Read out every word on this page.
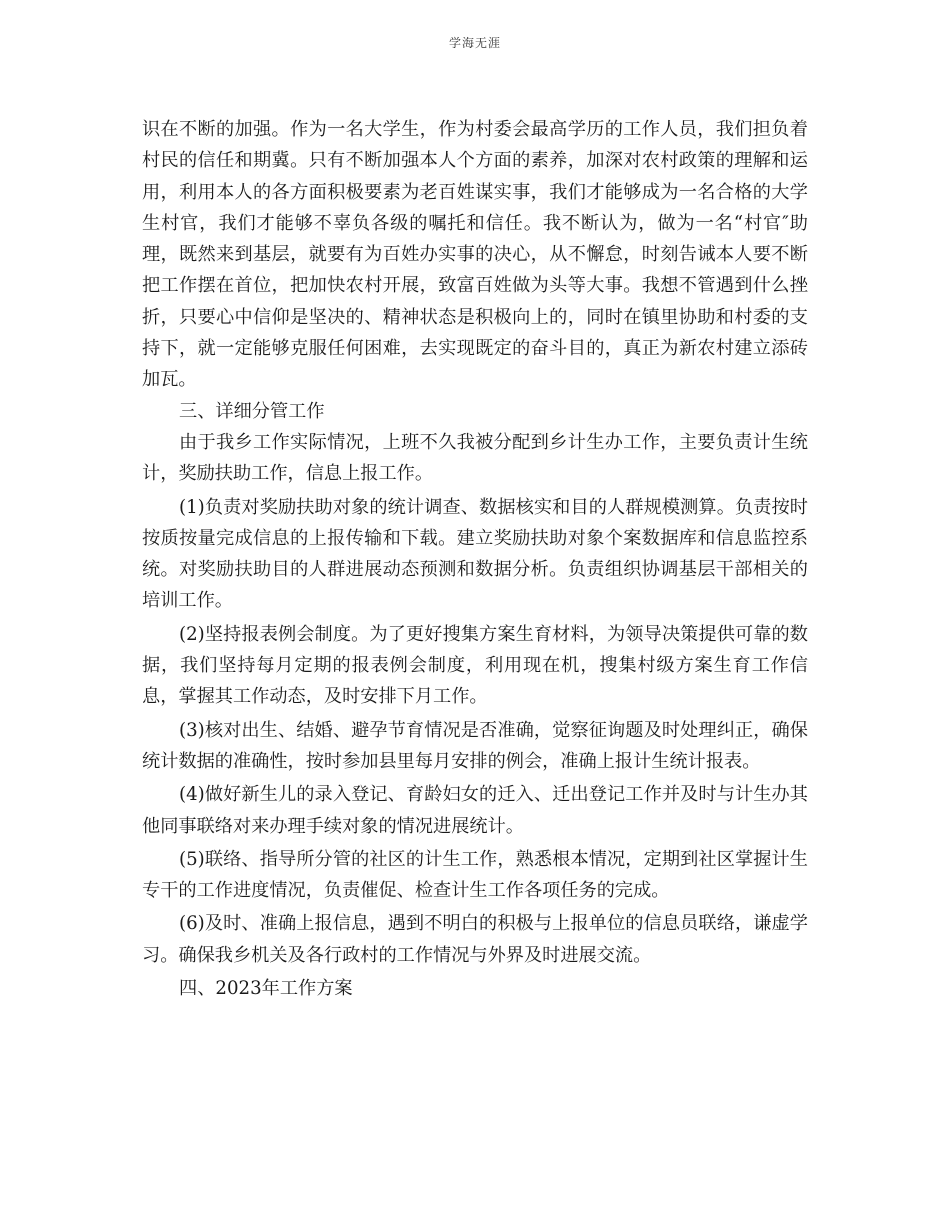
学海无涯

识在不断的加强。作为一名大学生，作为村委会最高学历的工作人员，我们担负着村民的信任和期冀。只有不断加强本人个方面的素养，加深对农村政策的理解和运用，利用本人的各方面积极要素为老百姓谋实事，我们才能够成为一名合格的大学生村官，我们才能够不辜负各级的嘱托和信任。我不断认为，做为一名“村官″助理，既然来到基层，就要有为百姓办实事的决心，从不懈怠，时刻告诫本人要不断把工作摆在首位，把加快农村开展，致富百姓做为头等大事。我想不管遇到什么挫折，只要心中信仰是坚决的、精神状态是积极向上的，同时在镇里协助和村委的支持下，就一定能够克服任何困难，去实现既定的奋斗目的，真正为新农村建立添砖加瓦。

三、详细分管工作

由于我乡工作实际情况，上班不久我被分配到乡计生办工作，主要负责计生统计，奖励扶助工作，信息上报工作。

(1)负责对奖励扶助对象的统计调查、数据核实和目的人群规模测算。负责按时按质按量完成信息的上报传输和下载。建立奖励扶助对象个案数据库和信息监控系统。对奖励扶助目的人群进展动态预测和数据分析。负责组织协调基层干部相关的培训工作。

(2)坚持报表例会制度。为了更好搜集方案生育材料，为领导决策提供可靠的数据，我们坚持每月定期的报表例会制度，利用现在机，搜集村级方案生育工作信息，掌握其工作动态，及时安排下月工作。

(3)核对出生、结婚、避孕节育情况是否准确，觉察征询题及时处理纠正，确保统计数据的准确性，按时参加县里每月安排的例会，准确上报计生统计报表。

(4)做好新生儿的录入登记、育龄妇女的迁入、迁出登记工作并及时与计生办其他同事联络对来办理手续对象的情况进展统计。

(5)联络、指导所分管的社区的计生工作，熟悉根本情况，定期到社区掌握计生专干的工作进度情况，负责催促、检查计生工作各项任务的完成。

(6)及时、准确上报信息，遇到不明白的积极与上报单位的信息员联络，谦虚学习。确保我乡机关及各行政村的工作情况与外界及时进展交流。

四、2023年工作方案
